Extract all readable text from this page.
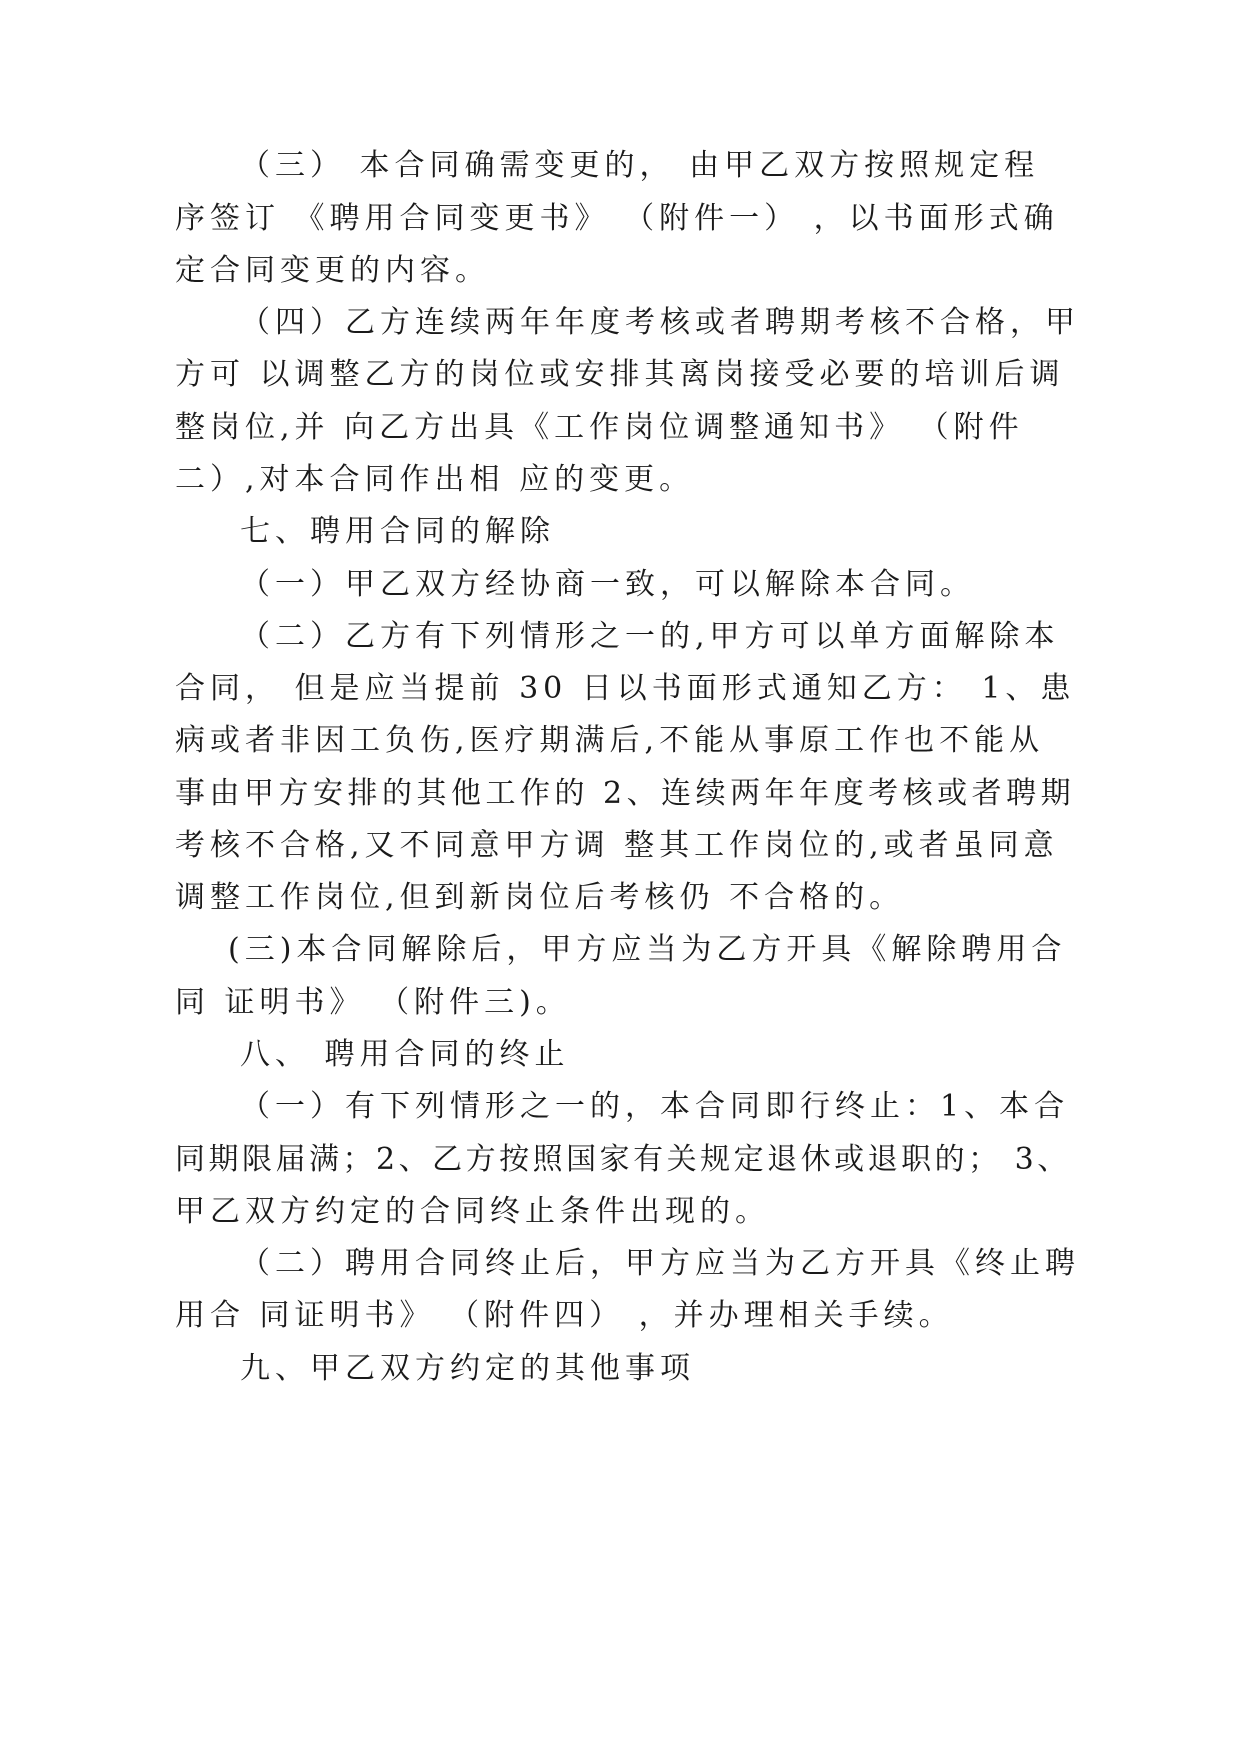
（三） 本合同确需变更的， 由甲乙双方按照规定程
序签订 《聘用合同变更书》 （附件一） ，以书面形式确
定合同变更的内容。
（四）乙方连续两年年度考核或者聘期考核不合格，甲
方可 以调整乙方的岗位或安排其离岗接受必要的培训后调
整岗位,并 向乙方出具《工作岗位调整通知书》 （附件
二）,对本合同作出相 应的变更。
七、聘用合同的解除
（一）甲乙双方经协商一致，可以解除本合同。
（二）乙方有下列情形之一的,甲方可以单方面解除本
合同， 但是应当提前 30 日以书面形式通知乙方： 1、患
病或者非因工负伤,医疗期满后,不能从事原工作也不能从
事由甲方安排的其他工作的 2、连续两年年度考核或者聘期
考核不合格,又不同意甲方调 整其工作岗位的,或者虽同意
调整工作岗位,但到新岗位后考核仍 不合格的。
(三)本合同解除后，甲方应当为乙方开具《解除聘用合
同 证明书》 （附件三)。
八、 聘用合同的终止
（一）有下列情形之一的，本合同即行终止：1、本合
同期限届满；2、乙方按照国家有关规定退休或退职的； 3、
甲乙双方约定的合同终止条件出现的。
（二）聘用合同终止后，甲方应当为乙方开具《终止聘
用合 同证明书》 （附件四） ，并办理相关手续。
九、甲乙双方约定的其他事项
